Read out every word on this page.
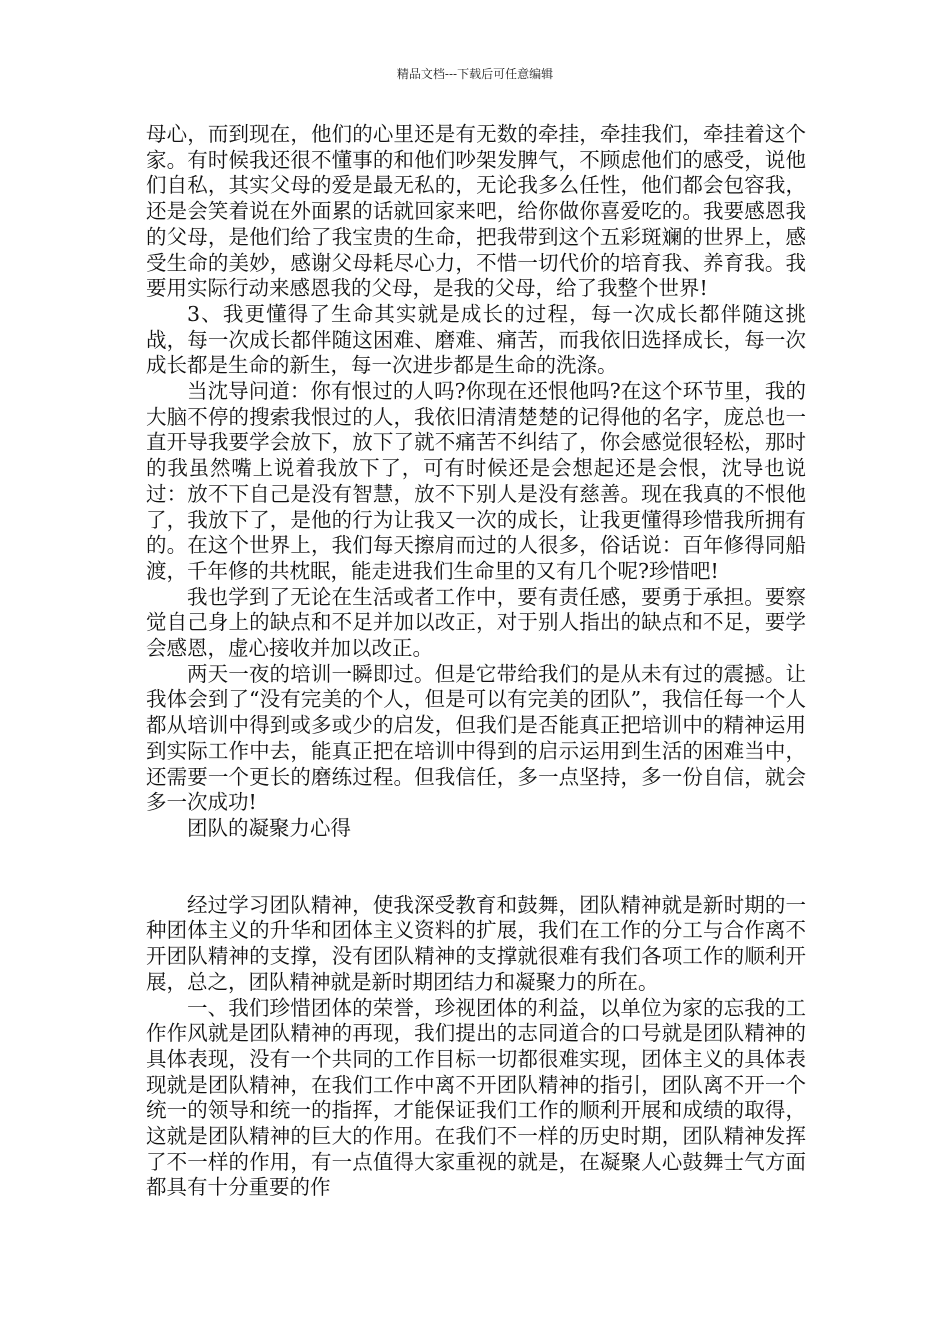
精品文档---下载后可任意编辑

母心，而到现在，他们的心里还是有无数的牵挂，牵挂我们，牵挂着这个家。有时候我还很不懂事的和他们吵架发脾气，不顾虑他们的感受，说他们自私，其实父母的爱是最无私的，无论我多么任性，他们都会包容我，还是会笑着说在外面累的话就回家来吧，给你做你喜爱吃的。我要感恩我的父母，是他们给了我宝贵的生命，把我带到这个五彩斑斓的世界上，感受生命的美妙，感谢父母耗尽心力，不惜一切代价的培育我、养育我。我要用实际行动来感恩我的父母，是我的父母，给了我整个世界!

3、我更懂得了生命其实就是成长的过程，每一次成长都伴随这挑战，每一次成长都伴随这困难、磨难、痛苦，而我依旧选择成长，每一次成长都是生命的新生，每一次进步都是生命的洗涤。

当沈导问道：你有恨过的人吗?你现在还恨他吗?在这个环节里，我的大脑不停的搜索我恨过的人，我依旧清清楚楚的记得他的名字，庞总也一直开导我要学会放下，放下了就不痛苦不纠结了，你会感觉很轻松，那时的我虽然嘴上说着我放下了，可有时候还是会想起还是会恨，沈导也说过：放不下自己是没有智慧，放不下别人是没有慈善。现在我真的不恨他了，我放下了，是他的行为让我又一次的成长，让我更懂得珍惜我所拥有的。在这个世界上，我们每天擦肩而过的人很多，俗话说：百年修得同船渡，千年修的共枕眠，能走进我们生命里的又有几个呢?珍惜吧!

我也学到了无论在生活或者工作中，要有责任感，要勇于承担。要察觉自己身上的缺点和不足并加以改正，对于别人指出的缺点和不足，要学会感恩，虚心接收并加以改正。

两天一夜的培训一瞬即过。但是它带给我们的是从未有过的震撼。让我体会到了“没有完美的个人，但是可以有完美的团队”，我信任每一个人都从培训中得到或多或少的启发，但我们是否能真正把培训中的精神运用到实际工作中去，能真正把在培训中得到的启示运用到生活的困难当中，还需要一个更长的磨练过程。但我信任，多一点坚持，多一份自信，就会多一次成功!

团队的凝聚力心得

经过学习团队精神，使我深受教育和鼓舞，团队精神就是新时期的一种团体主义的升华和团体主义资料的扩展，我们在工作的分工与合作离不开团队精神的支撑，没有团队精神的支撑就很难有我们各项工作的顺利开展，总之，团队精神就是新时期团结力和凝聚力的所在。

一、我们珍惜团体的荣誉，珍视团体的利益，以单位为家的忘我的工作作风就是团队精神的再现，我们提出的志同道合的口号就是团队精神的具体表现，没有一个共同的工作目标一切都很难实现，团体主义的具体表现就是团队精神，在我们工作中离不开团队精神的指引，团队离不开一个统一的领导和统一的指挥，才能保证我们工作的顺利开展和成绩的取得，这就是团队精神的巨大的作用。在我们不一样的历史时期，团队精神发挥了不一样的作用，有一点值得大家重视的就是，在凝聚人心鼓舞士气方面都具有十分重要的作
